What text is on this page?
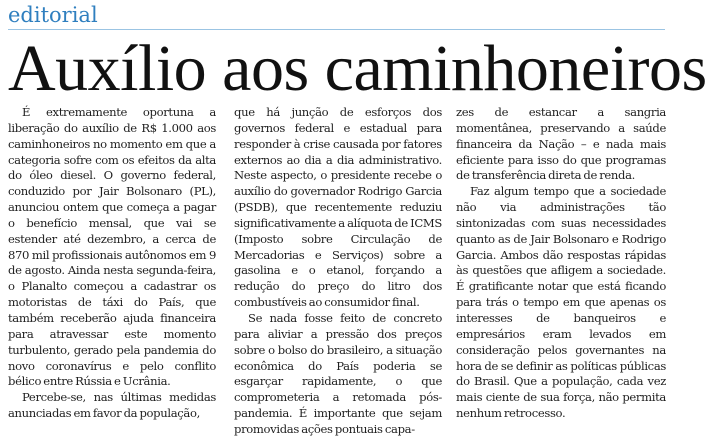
editorial
Auxílio aos caminhoneiros

É extremamente oportuna a liberação do auxílio de R$ 1.000 aos caminhoneiros no momento em que a categoria sofre com os efeitos da alta do óleo diesel. O governo federal, conduzido por Jair Bolsonaro (PL), anunciou ontem que começa a pagar o benefício mensal, que vai se estender até dezembro, a cerca de 870 mil profissionais autônomos em 9 de agosto. Ainda nesta segunda-feira, o Planalto começou a cadastrar os motoristas de táxi do País, que também receberão ajuda financeira para atravessar este momento turbulento, gerado pela pandemia do novo coronavírus e pelo conflito bélico entre Rússia e Ucrânia.

Percebe-se, nas últimas medidas anunciadas em favor da população,

que há junção de esforços dos governos federal e estadual para responder à crise causada por fatores externos ao dia a dia administrativo. Neste aspecto, o presidente recebe o auxílio do governador Rodrigo Garcia (PSDB), que recentemente reduziu significativamente a alíquota de ICMS (Imposto sobre Circulação de Mercadorias e Serviços) sobre a gasolina e o etanol, forçando a redução do preço do litro dos combustíveis ao consumidor final.

Se nada fosse feito de concreto para aliviar a pressão dos preços sobre o bolso do brasileiro, a situação econômica do País poderia se esgarçar rapidamente, o que comprometeria a retomada pós-pandemia. É importante que sejam promovidas ações pontuais capa-

zes de estancar a sangria momentânea, preservando a saúde financeira da Nação – e nada mais eficiente para isso do que programas de transferência direta de renda.

Faz algum tempo que a sociedade não via administrações tão sintonizadas com suas necessidades quanto as de Jair Bolsonaro e Rodrigo Garcia. Ambos dão respostas rápidas às questões que afligem a sociedade. É gratificante notar que está ficando para trás o tempo em que apenas os interesses de banqueiros e empresários eram levados em consideração pelos governantes na hora de se definir as políticas públicas do Brasil. Que a população, cada vez mais ciente de sua força, não permita nenhum retrocesso.
